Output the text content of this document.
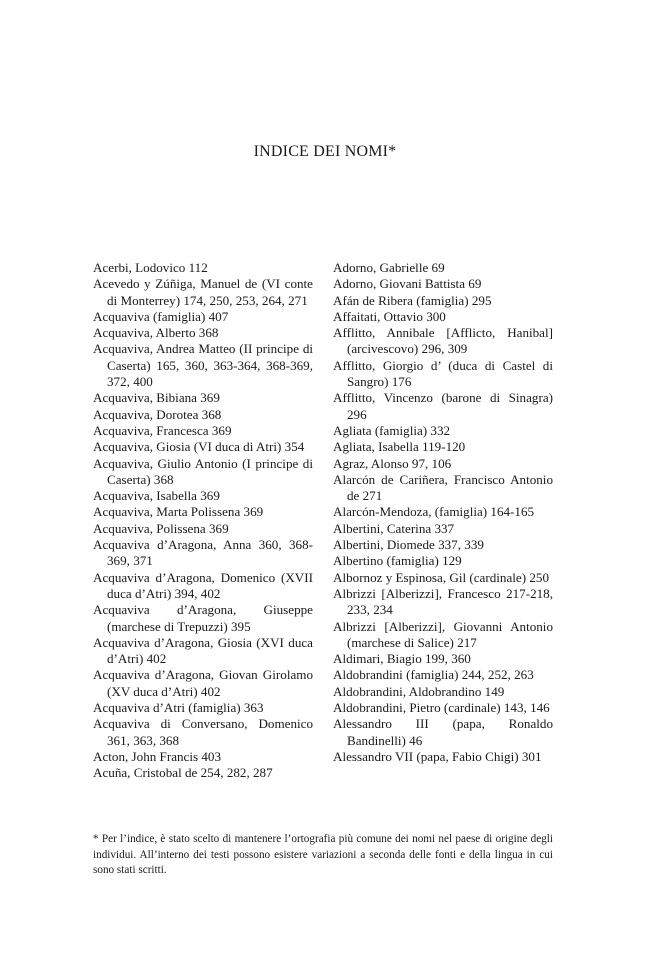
INDICE DEI NOMI*

Acerbi, Lodovico 112

Acevedo y Zúñiga, Manuel de (VI conte di Monterrey) 174, 250, 253, 264, 271

Acquaviva (famiglia) 407

Acquaviva, Alberto 368

Acquaviva, Andrea Matteo (II principe di Caserta) 165, 360, 363-364, 368-369, 372, 400

Acquaviva, Bibiana 369

Acquaviva, Dorotea 368

Acquaviva, Francesca 369

Acquaviva, Giosia (VI duca di Atri) 354

Acquaviva, Giulio Antonio (I principe di Caserta) 368

Acquaviva, Isabella 369

Acquaviva, Marta Polissena 369

Acquaviva, Polissena 369

Acquaviva d’Aragona, Anna 360, 368-369, 371

Acquaviva d’Aragona, Domenico (XVII duca d’Atri) 394, 402

Acquaviva d’Aragona, Giuseppe (marchese di Trepuzzi) 395

Acquaviva d’Aragona, Giosia (XVI duca d’Atri) 402

Acquaviva d’Aragona, Giovan Girolamo (XV duca d’Atri) 402

Acquaviva d’Atri (famiglia) 363

Acquaviva di Conversano, Domenico 361, 363, 368

Acton, John Francis 403

Acuña, Cristobal de 254, 282, 287

Adorno, Gabrielle 69

Adorno, Giovani Battista 69

Afán de Ribera (famiglia) 295

Affaitati, Ottavio 300

Afflitto, Annibale [Afflicto, Hanibal] (arcivescovo) 296, 309

Afflitto, Giorgio d’ (duca di Castel di Sangro) 176

Afflitto, Vincenzo (barone di Sinagra) 296

Agliata (famiglia) 332

Agliata, Isabella 119-120

Agraz, Alonso 97, 106

Alarcón de Cariñera, Francisco Antonio de 271

Alarcón-Mendoza, (famiglia) 164-165

Albertini, Caterina 337

Albertini, Diomede 337, 339

Albertino (famiglia) 129

Albornoz y Espinosa, Gil (cardinale) 250

Albrizzi [Alberizzi], Francesco 217-218, 233, 234

Albrizzi [Alberizzi], Giovanni Antonio (marchese di Salice) 217

Aldimari, Biagio 199, 360

Aldobrandini (famiglia) 244, 252, 263

Aldobrandini, Aldobrandino 149

Aldobrandini, Pietro (cardinale) 143, 146

Alessandro III (papa, Ronaldo Bandinelli) 46

Alessandro VII (papa, Fabio Chigi) 301

* Per l’indice, è stato scelto di mantenere l’ortografia più comune dei nomi nel paese di origine degli individui. All’interno dei testi possono esistere variazioni a seconda delle fonti e della lingua in cui sono stati scritti.
